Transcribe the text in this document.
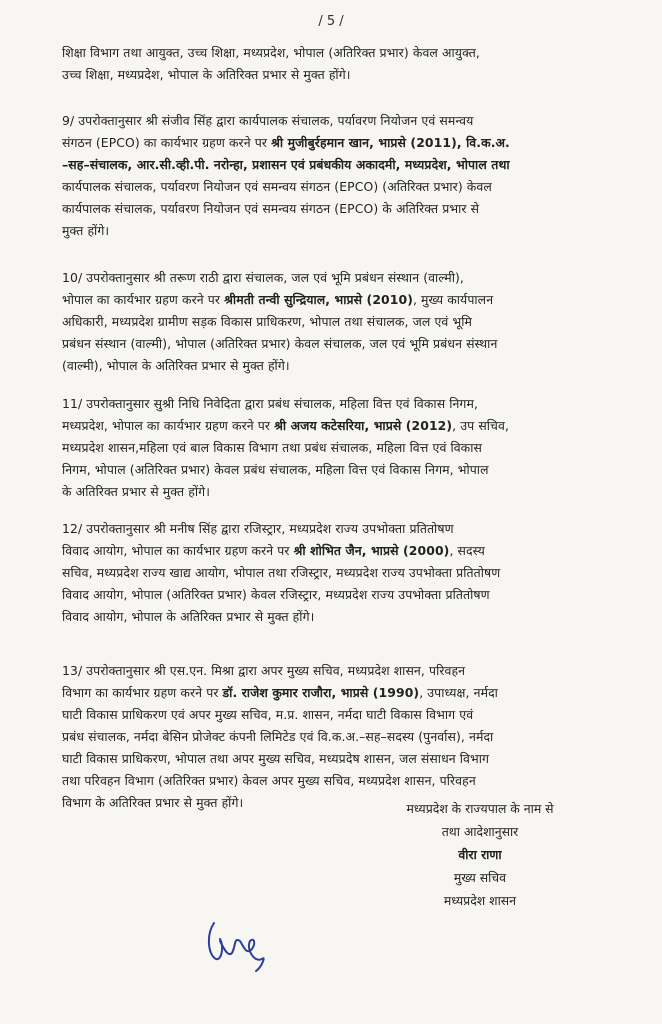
/ 5 /
शिक्षा विभाग तथा आयुक्त, उच्च शिक्षा, मध्यप्रदेश, भोपाल (अतिरिक्त प्रभार) केवल आयुक्त,
उच्च शिक्षा, मध्यप्रदेश, भोपाल के अतिरिक्त प्रभार से मुक्त होंगे।
9/ उपरोक्तानुसार श्री संजीव सिंह द्वारा कार्यपालक संचालक, पर्यावरण नियोजन एवं समन्वय
संगठन (EPCO) का कार्यभार ग्रहण करने पर श्री मुजीबुर्रहमान खान, भाप्रसे (2011), वि.क.अ.
–सह–संचालक, आर.सी.व्ही.पी. नरोन्हा, प्रशासन एवं प्रबंधकीय अकादमी, मध्यप्रदेश, भोपाल तथा
कार्यपालक संचालक, पर्यावरण नियोजन एवं समन्वय संगठन (EPCO) (अतिरिक्त प्रभार) केवल
कार्यपालक संचालक, पर्यावरण नियोजन एवं समन्वय संगठन (EPCO) के अतिरिक्त प्रभार से
मुक्त होंगे।
10/ उपरोक्तानुसार श्री तरूण राठी द्वारा संचालक, जल एवं भूमि प्रबंधन संस्थान (वाल्मी),
भोपाल का कार्यभार ग्रहण करने पर श्रीमती तन्वी सुन्द्रियाल, भाप्रसे (2010), मुख्य कार्यपालन
अधिकारी, मध्यप्रदेश ग्रामीण सड़क विकास प्राधिकरण, भोपाल तथा संचालक, जल एवं भूमि
प्रबंधन संस्थान (वाल्मी), भोपाल (अतिरिक्त प्रभार) केवल संचालक, जल एवं भूमि प्रबंधन संस्थान
(वाल्मी), भोपाल के अतिरिक्त प्रभार से मुक्त होंगे।
11/ उपरोक्तानुसार सुश्री निधि निवेदिता द्वारा प्रबंध संचालक, महिला वित्त एवं विकास निगम,
मध्यप्रदेश, भोपाल का कार्यभार ग्रहण करने पर श्री अजय कटेसरिया, भाप्रसे (2012), उप सचिव,
मध्यप्रदेश शासन,महिला एवं बाल विकास विभाग तथा प्रबंध संचालक, महिला वित्त एवं विकास
निगम, भोपाल (अतिरिक्त प्रभार) केवल प्रबंध संचालक, महिला वित्त एवं विकास निगम, भोपाल
के अतिरिक्त प्रभार से मुक्त होंगे।
12/ उपरोक्तानुसार श्री मनीष सिंह द्वारा रजिस्ट्रार, मध्यप्रदेश राज्य उपभोक्ता प्रतितोषण
विवाद आयोग, भोपाल का कार्यभार ग्रहण करने पर श्री शोभित जैन, भाप्रसे (2000), सदस्य
सचिव, मध्यप्रदेश राज्य खाद्य आयोग, भोपाल तथा रजिस्ट्रार, मध्यप्रदेश राज्य उपभोक्ता प्रतितोषण
विवाद आयोग, भोपाल (अतिरिक्त प्रभार) केवल रजिस्ट्रार, मध्यप्रदेश राज्य उपभोक्ता प्रतितोषण
विवाद आयोग, भोपाल के अतिरिक्त प्रभार से मुक्त होंगे।
13/ उपरोक्तानुसार श्री एस.एन. मिश्रा द्वारा अपर मुख्य सचिव, मध्यप्रदेश शासन, परिवहन
विभाग का कार्यभार ग्रहण करने पर डॉ. राजेश कुमार राजौरा, भाप्रसे (1990), उपाध्यक्ष, नर्मदा
घाटी विकास प्राधिकरण एवं अपर मुख्य सचिव, म.प्र. शासन, नर्मदा घाटी विकास विभाग एवं
प्रबंध संचालक, नर्मदा बेसिन प्रोजेक्ट कंपनी लिमिटेड एवं वि.क.अ.–सह–सदस्य (पुनर्वास), नर्मदा
घाटी विकास प्राधिकरण, भोपाल तथा अपर मुख्य सचिव, मध्यप्रदेष शासन, जल संसाधन विभाग
तथा परिवहन विभाग (अतिरिक्त प्रभार) केवल अपर मुख्य सचिव, मध्यप्रदेश शासन, परिवहन
विभाग के अतिरिक्त प्रभार से मुक्त होंगे।	मध्यप्रदेश के राज्यपाल के नाम से
तथा आदेशानुसार
वीरा राणा
मुख्य सचिव
मध्यप्रदेश शासन
